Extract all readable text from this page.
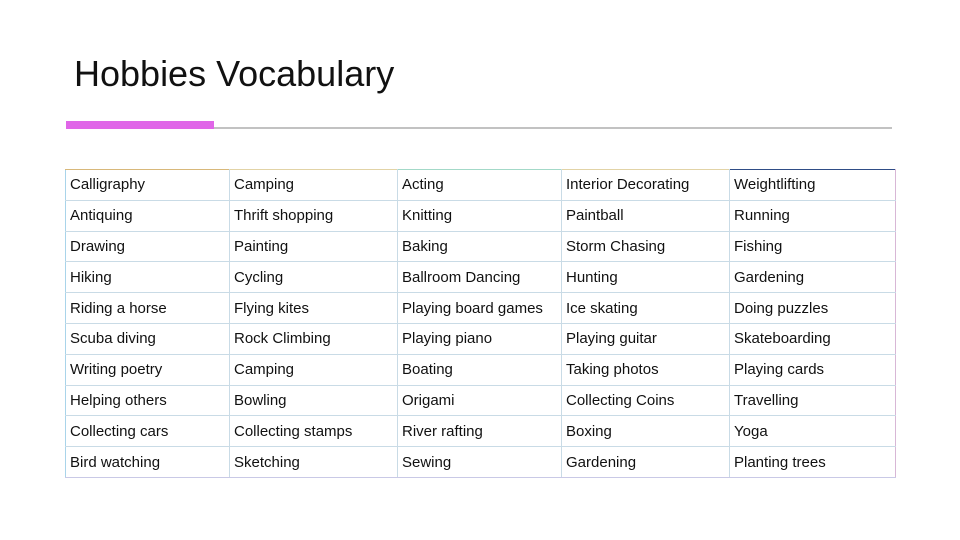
Hobbies Vocabulary
Calligraphy	Camping	Acting	Interior Decorating	Weightlifting
Antiquing	Thrift shopping	Knitting	Paintball	Running
Drawing	Painting	Baking	Storm Chasing	Fishing
Hiking	Cycling	Ballroom Dancing	Hunting	Gardening
Riding a horse	Flying kites	Playing board games	Ice skating	Doing puzzles
Scuba diving	Rock Climbing	Playing piano	Playing guitar	Skateboarding
Writing poetry	Camping	Boating	Taking photos	Playing cards
Helping others	Bowling	Origami	Collecting Coins	Travelling
Collecting cars	Collecting stamps	River rafting	Boxing	Yoga
Bird watching	Sketching	Sewing	Gardening	Planting trees
